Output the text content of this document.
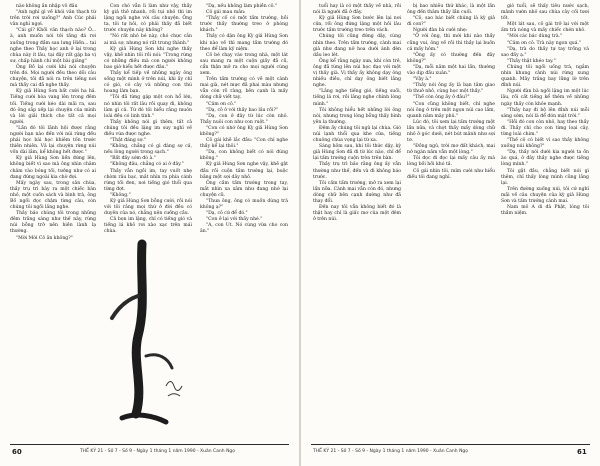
nào không ăn nhập vô đâu

"Anh nghĩ gì về khói văn thạch từ trên trời rơi xuống?" Anh Cúc phải vân nghĩ ngợi.

"Cái gì? Khối văn thạch nào? Ô... à, anh muốn nói tới tầng đá rơi xuống trong đầm sau lưng Hiền... tai nghe theo Thầy học anh ở lại trong chùa này ít lâu, tại đây rất gặp ba vị sư, chấp hành chi một bài giảng"

Ông Bồ lại cười khi nói chuyện trên đó. Mọi người đều theo dõi câu chuyện, tôi đã nói ra trên tiếng nơi mà thầy cai đã nghe thấy.

Kỳ giả Hùng Sơn bất cười ha hả. Tiếng cười hòa vang lên trong đêm tối. Tiếng cười kéo dài mãi ra, sau đó ông sắp xếp lại chuyện của mình và lời giải thích cho tất cả mọi người.

"Lần đó tôi lãnh hội được rằng người bạn nào đến với núi rừng đều phải học bài học khiêm tốn trước thiên nhiên. Vả lại chuyện rừng núi vốn dài lắm, kể không hết được."

Kỳ giả Hùng Sơn liền đứng lên, không biết vì sao mà ông nhìn chăm chăm vào bóng tối, tưởng như có ai đang đứng ngoài kia chờ đợi.

Mấy ngày sau, trong sân chùa, thầy trụ trì bày ra một chiếc bàn nhỏ, một cuốn sách và bình trà, ông Bồ ngồi đọc chậm từng câu, còn chúng tôi ngồi lắng nghe.

Thầy bảo chúng tôi trong những đêm trăng sáng như thế này, rừng núi bỗng trở nên hiền lành lạ thường.

"Mời Mời Cô ăn không?"

Con chó vẫn lì làm như vậy, thầy kỳ giả thở nhanh, rồi tụi nhỏ thì im lặng ngồi nghe với câu chuyện. Ông ta, tôi tự hỏi, có phải thầy đã biết trước chuyện này không?

"Nó rất nhỏ bé này, chó chực cắn ai mà sợ, nhưng nó rất trung thành."

Kỳ giả Hùng Sơn khi nghe thấy vậy, khẽ nhìn tôi rồi nói: "Trong rừng có những điều mà con người không bao giờ hiểu hết được đâu."

Thầy kể tiếp về những ngày ông sống một mình ở trên núi, khi ấy chỉ có gió, có cây và những con thú hoang làm bạn.

"Tôi đã từng gặp một con hổ lớn, nó nhìn tôi rất lâu rồi quay đi, không làm gì cả. Từ đó tôi hiểu rằng muôn loài đều có linh tính."

Thầy không nói gì thêm, tất cả chúng tôi đều lặng im suy nghĩ về điều vừa được nghe.

"Thật đáng sợ."

"Không, chẳng có gì đáng sợ cả, nếu lòng người trong sạch."

"Bất đây sớm đó à."

"Không đâu, chẳng có ai ở đây."

Thầy vẫn ngồi im, tay vuốt nhẹ chòm râu bạc, mắt nhìn ra phía cánh rừng tối đen, nơi tiếng gió thổi qua từng đợt.

"Không."

Kỳ giả Hùng Sơn bỗng cười, rồi nói với tôi rằng mọi thứ ở đời đều có duyên của nó, chẳng nên cưỡng cầu.

Cả bọn im lặng, chỉ có tiếng gió và tiếng lá khô rơi xào xạc trên mái chùa.

"Dạ, nếu không làm phiền cô."

Cô gái mau mắn:

"Thầy cố có một tấm trướng, hồi trước thầy thường treo ở phòng khách."

Thầy có dặn ông Kỳ giả Hùng Sơn khi nào về thì mang tấm trướng đó theo để làm kỷ niệm.

Cô bé chạy vào trong nhà, một lát sau mang ra một cuộn giấy đã cũ, cẩn thận mở ra cho mọi người cùng xem.

Trên tấm trướng có vẽ một cành mai già, nét mực đã phai màu nhưng vẫn còn rõ ràng, bên cạnh là mấy dòng chữ viết tay.

"Cảm ơn cô."

"Dạ, cô ở với thầy bao lâu rồi?"

"Dạ, con ở đây từ lúc còn nhỏ. Thầy nuôi con như con ruột."

"Con có nhớ ông Kỳ giả Hùng Sơn không?"

Cô gái khẽ lắc đầu: "Con chỉ nghe thầy kể lại thôi."

"Dạ, con không biết có nói đúng không."

Kỳ giả Hùng Sơn nghe vậy, khẽ gật đầu rồi cuộn tấm trướng lại, buộc bằng một sợi dây nhỏ.

Ông cầm tấm trướng trong tay, mắt nhìn xa xăm như đang nhớ lại chuyện cũ.

"Thưa ông, ông có muốn dùng trà không ạ?"

"Dạ, cô cứ để đó."

"Con ở lại với thầy nhé."

"A, con Ut. Nó cùng vừa cho con ăn."

60	THẾ KỶ 21 - Số 7 - Số 9 - Ngày 1 tháng 1 năm 1990 - Xuân Canh Ngọ

tuổi hay là có một thầy về nhà, rồi nói là người đã ở đây.

Kỳ giả Hùng Sơn bước lên lại nơi cửa, rồi ông đứng lặng một hồi lâu trước tấm trướng treo trên vách.

Chúng tôi cũng đứng dậy, cùng nhìn theo. Trên tấm trướng, cành mai già như đang nở hoa dưới ánh đèn dầu leo lét.

Ông kể rằng ngày xưa, khi còn trẻ, ông đã từng lên núi học đạo với một vị thầy già. Vị thầy ấy không dạy ông nhiều điều, chỉ dạy ông biết lắng nghe.

"Lắng nghe tiếng gió, tiếng suối, tiếng lá rơi, rồi lắng nghe chính lòng mình."

Tôi không hiểu hết những lời ông nói, nhưng trong lòng bỗng thấy bình yên lạ thường.

Đêm ấy chúng tôi ngủ lại chùa. Gió núi lạnh thổi qua khe cửa, tiếng chuông chùa vọng lại từ xa.

Sáng hôm sau, khi tôi thức dậy, kỳ giả Hùng Sơn đã đi từ lúc nào, chỉ để lại tấm trướng cuộn tròn trên bàn.

Thầy trụ trì bảo rằng ông ấy vẫn thường như thế, đến và đi không báo trước.

Tôi cầm tấm trướng, mở ra xem lại lần nữa. Cành mai vẫn còn đó, nhưng dòng chữ bên cạnh dường như đã thay đổi.

Đến nay tôi vẫn không biết đó là thật hay chỉ là giấc mơ của một đêm ở trên núi.

bị bao nhiêu thứ khác, là một lần ông đến thăm thầy lần cuối.

"Cô, sao bác biết chúng là kỳ giả đi con?"

Người đàn bà cười nhẹ:

"Ở với ông, thì mới khi nào thầy cũng vui, ông về rồi thì thầy lại buồn cả mấy hôm."

"Ông ấy có thường đến đây không?"

"Dạ, mỗi năm một hai lần, thường vào dịp đầu xuân."

"Vậy à."

"Thầy nói ông ấy là bạn tâm giao từ thuở nhỏ, cùng học một thầy."

"Thế còn ông ấy ở đâu?"

"Con cũng không biết, chỉ nghe nói ông ở trên một ngọn núi cao lắm, quanh năm mây phủ."

Lúc đó, tôi xem lại tấm trướng một lần nữa, và chợt thấy mấy dòng chữ nhỏ ở góc dưới, nét bút mảnh như sợi tơ.

"Đồng ngủ, trời mơ đất khách, mai nở ngàn năm vẫn một lòng."

Tôi đọc đi đọc lại mấy câu ấy mà lòng bồi hồi khó tả.

Cô gái nhìn tôi, mỉm cười như hiểu điều tôi đang nghĩ.

giò tuổi, sẽ thấy tiêu nước sạch, mảnh vườn nhỏ sau chùa cây cối tươi tốt.

Một lát sau, cô gái trở lại với một ấm trà nóng và mấy chiếc chén nhỏ.

"Mời các bác dùng trà."

"Cảm ơn cô. Trà này ngon quá."

"Dạ, trà do thầy tự tay trồng và sao đấy ạ."

"Thầy thật khéo tay."

Chúng tôi ngồi uống trà, ngắm nhìn khung cảnh núi rừng xung quanh. Mây trắng bay lững lờ trên đỉnh núi.

Người đàn bà ngồi lặng im một lúc lâu, rồi cất tiếng kể thêm về những ngày thầy còn khỏe mạnh.

"Thầy hay đi bộ lên đỉnh núi mỗi sáng sớm, nói là để đón mặt trời."

"Hồi đó con còn nhỏ, hay theo thầy đi. Thầy chỉ cho con từng loại cây, từng loài chim."

"Thế cô có biết vì sao thầy không xuống núi không?"

"Dạ, thầy nói dưới kia người ta ồn ào quá, ở đây thầy nghe được tiếng lòng mình."

Tôi gật đầu, chẳng biết nói gì thêm, chỉ thấy lòng mình cũng lắng lại.

Trên đường xuống núi, tôi cứ nghĩ mãi về câu chuyện của kỳ giả Hùng Sơn và tấm trướng cành mai.

Nam mô A di đà Phật, lòng tôi thầm niệm.

THẾ KỶ 21 - Số 7 - Số 9 - Ngày 1 tháng 1 năm 1990 - Xuân Canh Ngọ	61
